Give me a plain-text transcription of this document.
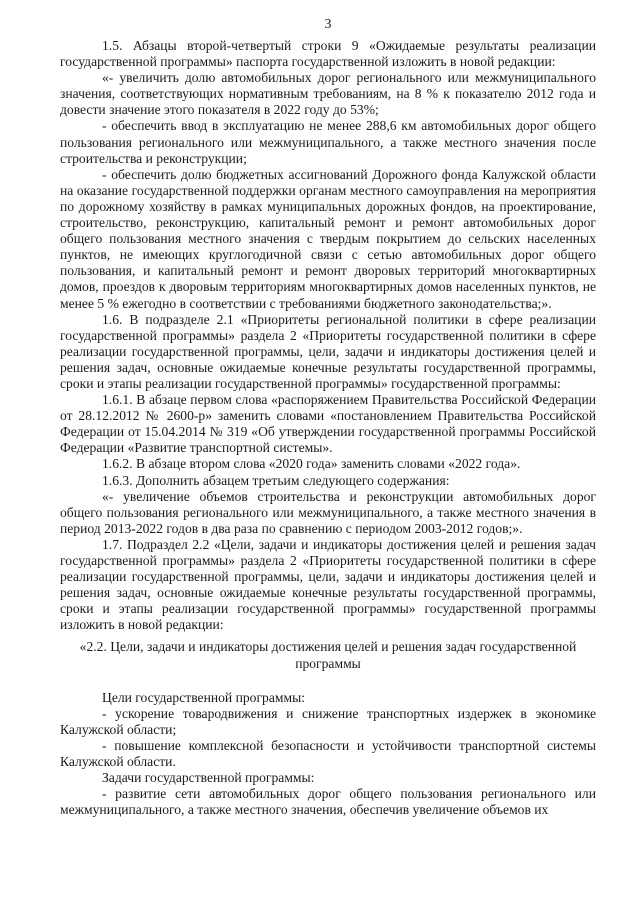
3

1.5. Абзацы второй-четвертый строки 9 «Ожидаемые результаты реализации государственной программы» паспорта государственной изложить в новой редакции:

«- увеличить долю автомобильных дорог регионального или межмуниципального значения, соответствующих нормативным требованиям, на 8 % к показателю 2012 года и довести значение этого показателя в 2022 году до 53%;

- обеспечить ввод в эксплуатацию не менее 288,6 км автомобильных дорог общего пользования регионального или межмуниципального, а также местного значения после строительства и реконструкции;

- обеспечить долю бюджетных ассигнований Дорожного фонда Калужской области на оказание государственной поддержки органам местного самоуправления на мероприятия по дорожному хозяйству в рамках муниципальных дорожных фондов, на проектирование, строительство, реконструкцию, капитальный ремонт и ремонт автомобильных дорог общего пользования местного значения с твердым покрытием до сельских населенных пунктов, не имеющих круглогодичной связи с сетью автомобильных дорог общего пользования, и капитальный ремонт и ремонт дворовых территорий многоквартирных домов, проездов к дворовым территориям многоквартирных домов населенных пунктов, не менее 5 % ежегодно в соответствии с требованиями бюджетного законодательства;».

1.6. В подразделе 2.1 «Приоритеты региональной политики в сфере реализации государственной программы» раздела 2 «Приоритеты государственной политики в сфере реализации государственной программы, цели, задачи и индикаторы достижения целей и решения задач, основные ожидаемые конечные результаты государственной программы, сроки и этапы реализации государственной программы» государственной программы:

1.6.1. В абзаце первом слова «распоряжением Правительства Российской Федерации от 28.12.2012 № 2600-р» заменить словами «постановлением Правительства Российской Федерации от 15.04.2014 № 319 «Об утверждении государственной программы Российской Федерации «Развитие транспортной системы».

1.6.2. В абзаце втором слова «2020 года» заменить словами «2022 года».

1.6.3. Дополнить абзацем третьим следующего содержания:

«- увеличение объемов строительства и реконструкции автомобильных дорог общего пользования регионального или межмуниципального, а также местного значения в период 2013-2022 годов в два раза по сравнению с периодом 2003-2012 годов;».

1.7. Подраздел 2.2 «Цели, задачи и индикаторы достижения целей и решения задач государственной программы» раздела 2 «Приоритеты государственной политики в сфере реализации государственной программы, цели, задачи и индикаторы достижения целей и решения задач, основные ожидаемые конечные результаты государственной программы, сроки и этапы реализации государственной программы» государственной программы изложить в новой редакции:

«2.2. Цели, задачи и индикаторы достижения целей и решения задач государственной программы

Цели государственной программы:

- ускорение товародвижения и снижение транспортных издержек в экономике Калужской области;

- повышение комплексной безопасности и устойчивости транспортной системы Калужской области.

Задачи государственной программы:

- развитие сети автомобильных дорог общего пользования регионального или межмуниципального, а также местного значения, обеспечив увеличение объемов их
